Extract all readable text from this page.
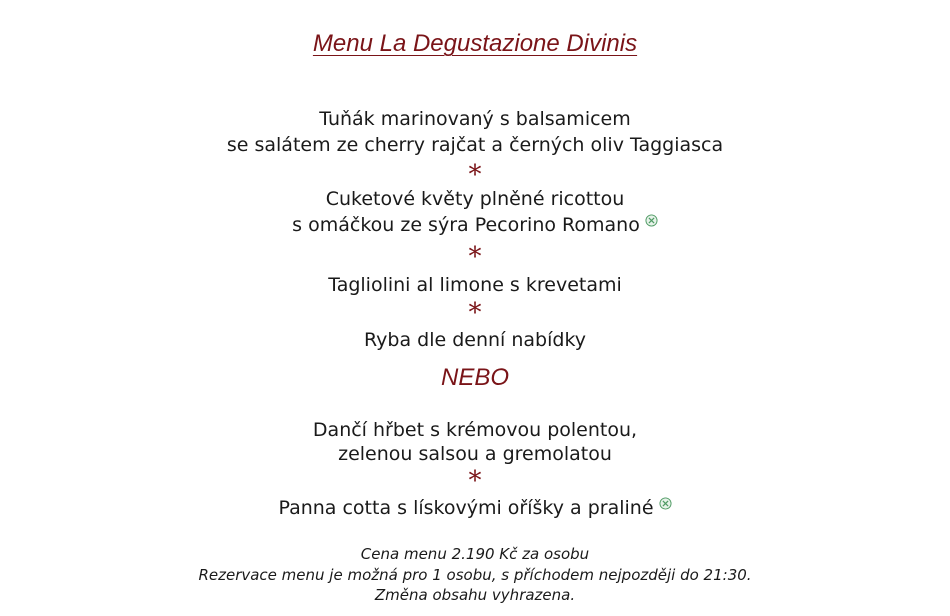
Menu La Degustazione Divinis
Tuňák marinovaný s balsamicem
se salátem ze cherry rajčat a černých oliv Taggiasca
*
Cuketové květy plněné ricottou
s omáčkou ze sýra Pecorino Romano
*
Tagliolini al limone s krevetami
*
Ryba dle denní nabídky
NEBO
Dančí hřbet s krémovou polentou,
zelenou salsou a gremolatou
*
Panna cotta s lískovými oříšky a praliné
Cena menu 2.190 Kč za osobu
Rezervace menu je možná pro 1 osobu, s příchodem nejpozději do 21:30.
Změna obsahu vyhrazena.
